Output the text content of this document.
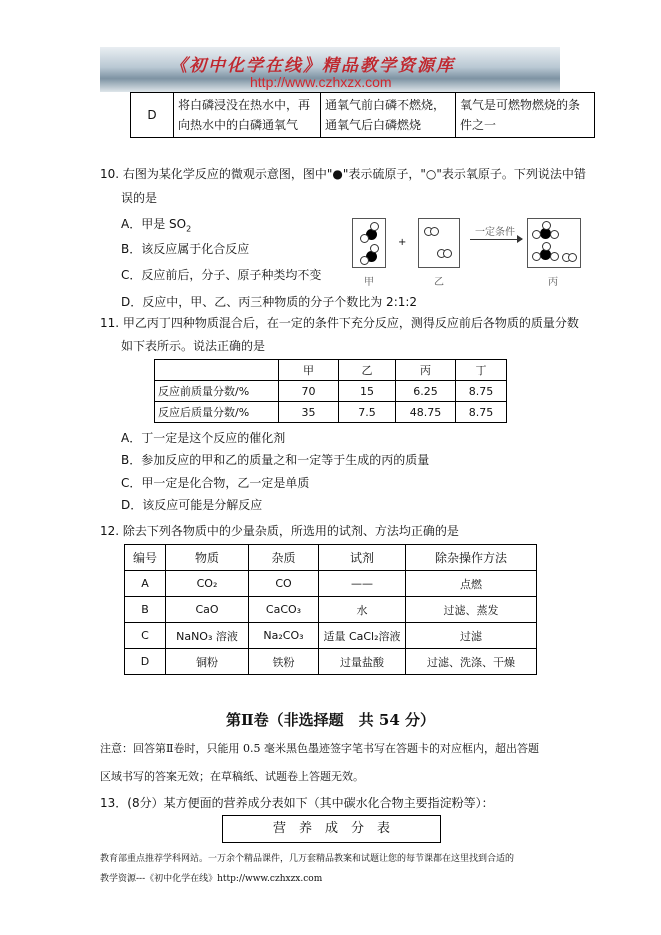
《初中化学在线》精品教学资源库
http://www.czhxzx.com
D	将白磷浸没在热水中，再向热水中的白磷通氧气	通氧气前白磷不燃烧，通氧气后白磷燃烧	氧气是可燃物燃烧的条件之一
10. 右图为某化学反应的微观示意图，图中"●"表示硫原子，"○"表示氧原子。下列说法中错
误的是
A．甲是 $SO_2$
B．该反应属于化合反应
C．反应前后，分子、原子种类均不变
D．反应中，甲、乙、丙三种物质的分子个数比为 2:1:2
+
一定条件
甲	乙	丙
11. 甲乙丙丁四种物质混合后，在一定的条件下充分反应，测得反应前后各物质的质量分数
如下表所示。说法正确的是
	甲	乙	丙	丁
反应前质量分数/%	70	15	6.25	8.75
反应后质量分数/%	35	7.5	48.75	8.75
A．丁一定是这个反应的催化剂
B．参加反应的甲和乙的质量之和一定等于生成的丙的质量
C．甲一定是化合物，乙一定是单质
D．该反应可能是分解反应
12. 除去下列各物质中的少量杂质，所选用的试剂、方法均正确的是
编号	物质	杂质	试剂	除杂操作方法
A	CO₂	CO	——	点燃
B	CaO	CaCO₃	水	过滤、蒸发
C	NaNO₃ 溶液	Na₂CO₃	适量 CaCl₂溶液	过滤
D	铜粉	铁粉	过量盐酸	过滤、洗涤、干燥
第Ⅱ卷（非选择题　共 54 分）
注意：回答第Ⅱ卷时，只能用 0.5 毫米黑色墨迹签字笔书写在答题卡的对应框内，超出答题
区域书写的答案无效；在草稿纸、试题卷上答题无效。
13．(8分）某方便面的营养成分表如下（其中碳水化合物主要指淀粉等）：
营　养　成　分　表
教育部重点推荐学科网站。一万余个精品课件，几万套精品教案和试题让您的每节课都在这里找到合适的
教学资源---《初中化学在线》http://www.czhxzx.com
